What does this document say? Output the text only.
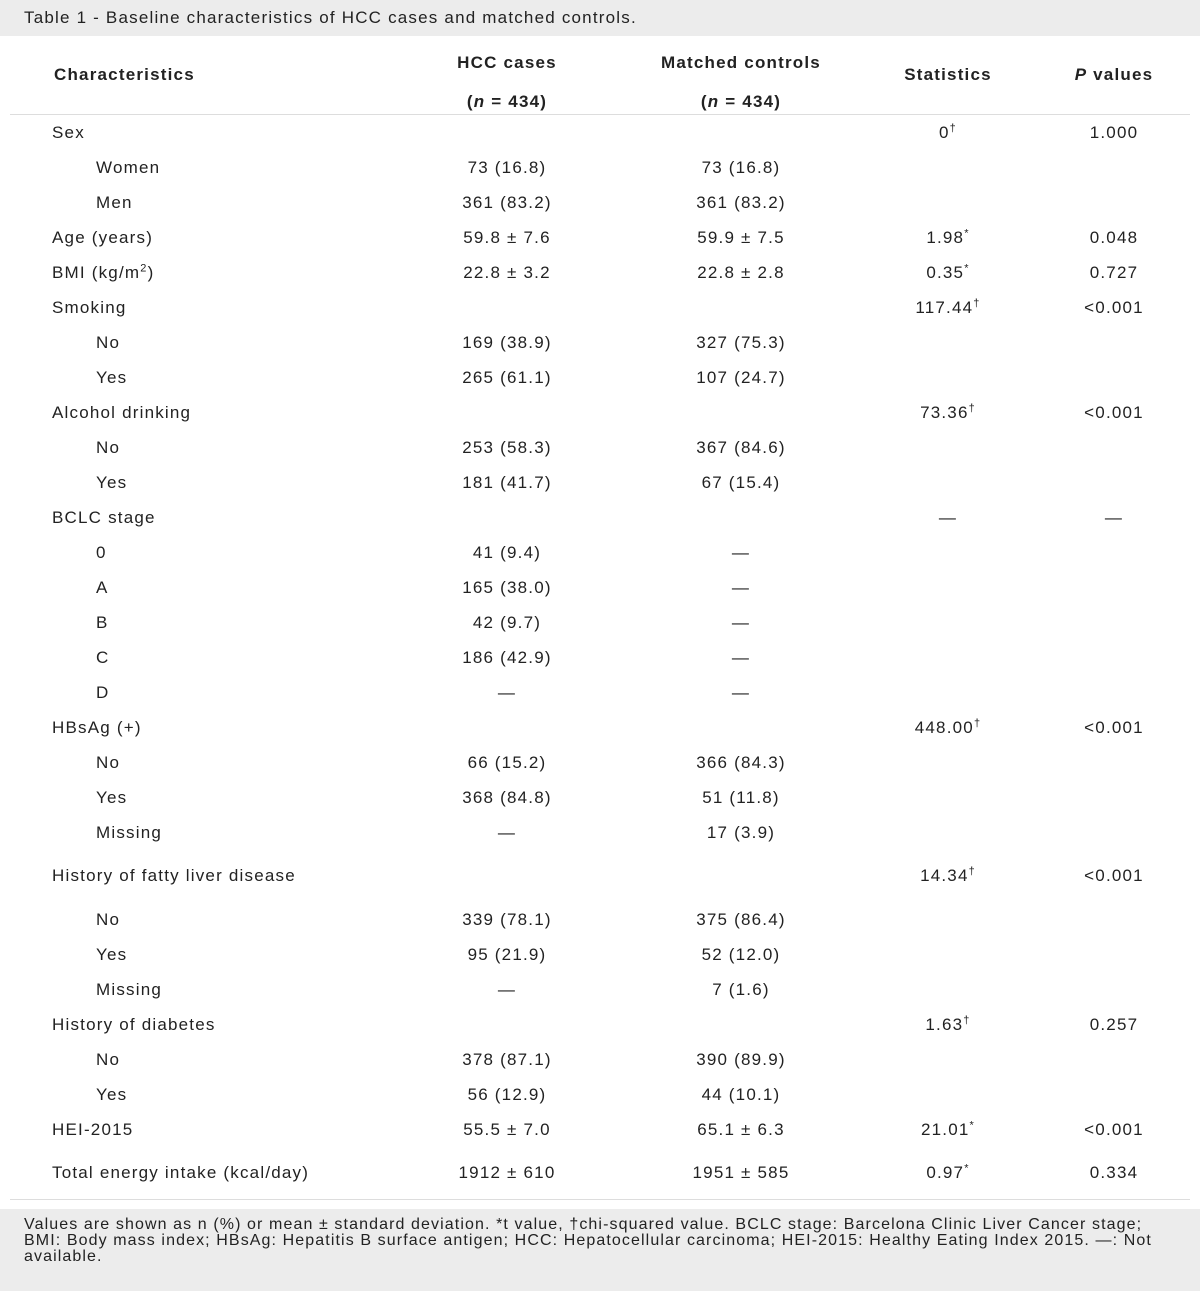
Table 1 - Baseline characteristics of HCC cases and matched controls.
Characteristics	HCC cases	Matched controls	Statistics	P values
	(n = 434)	(n = 434)		
Sex			0†	1.000
Women	73 (16.8)	73 (16.8)		
Men	361 (83.2)	361 (83.2)		
Age (years)	59.8 ± 7.6	59.9 ± 7.5	1.98*	0.048
BMI $(kg/m^2)$	22.8 ± 3.2	22.8 ± 2.8	0.35*	0.727
Smoking			117.44†	<0.001
No	169 (38.9)	327 (75.3)		
Yes	265 (61.1)	107 (24.7)		
Alcohol drinking			73.36†	<0.001
No	253 (58.3)	367 (84.6)		
Yes	181 (41.7)	67 (15.4)		
BCLC stage			—	—
0	41 (9.4)	—		
A	165 (38.0)	—		
B	42 (9.7)	—		
C	186 (42.9)	—		
D	—	—		
HBsAg (+)			448.00†	<0.001
No	66 (15.2)	366 (84.3)		
Yes	368 (84.8)	51 (11.8)		
Missing	—	17 (3.9)		
History of fatty liver disease			14.34†	<0.001
No	339 (78.1)	375 (86.4)		
Yes	95 (21.9)	52 (12.0)		
Missing	—	7 (1.6)		
History of diabetes			1.63†	0.257
No	378 (87.1)	390 (89.9)		
Yes	56 (12.9)	44 (10.1)		
HEI-2015	55.5 ± 7.0	65.1 ± 6.3	21.01*	<0.001
Total energy intake (kcal/day)	1912 ± 610	1951 ± 585	0.97*	0.334
Values are shown as n (%) or mean ± standard deviation. *t value, †chi-squared value. BCLC stage: Barcelona Clinic Liver Cancer stage; BMI: Body mass index; HBsAg: Hepatitis B surface antigen; HCC: Hepatocellular carcinoma; HEI-2015: Healthy Eating Index 2015. —: Not available.
